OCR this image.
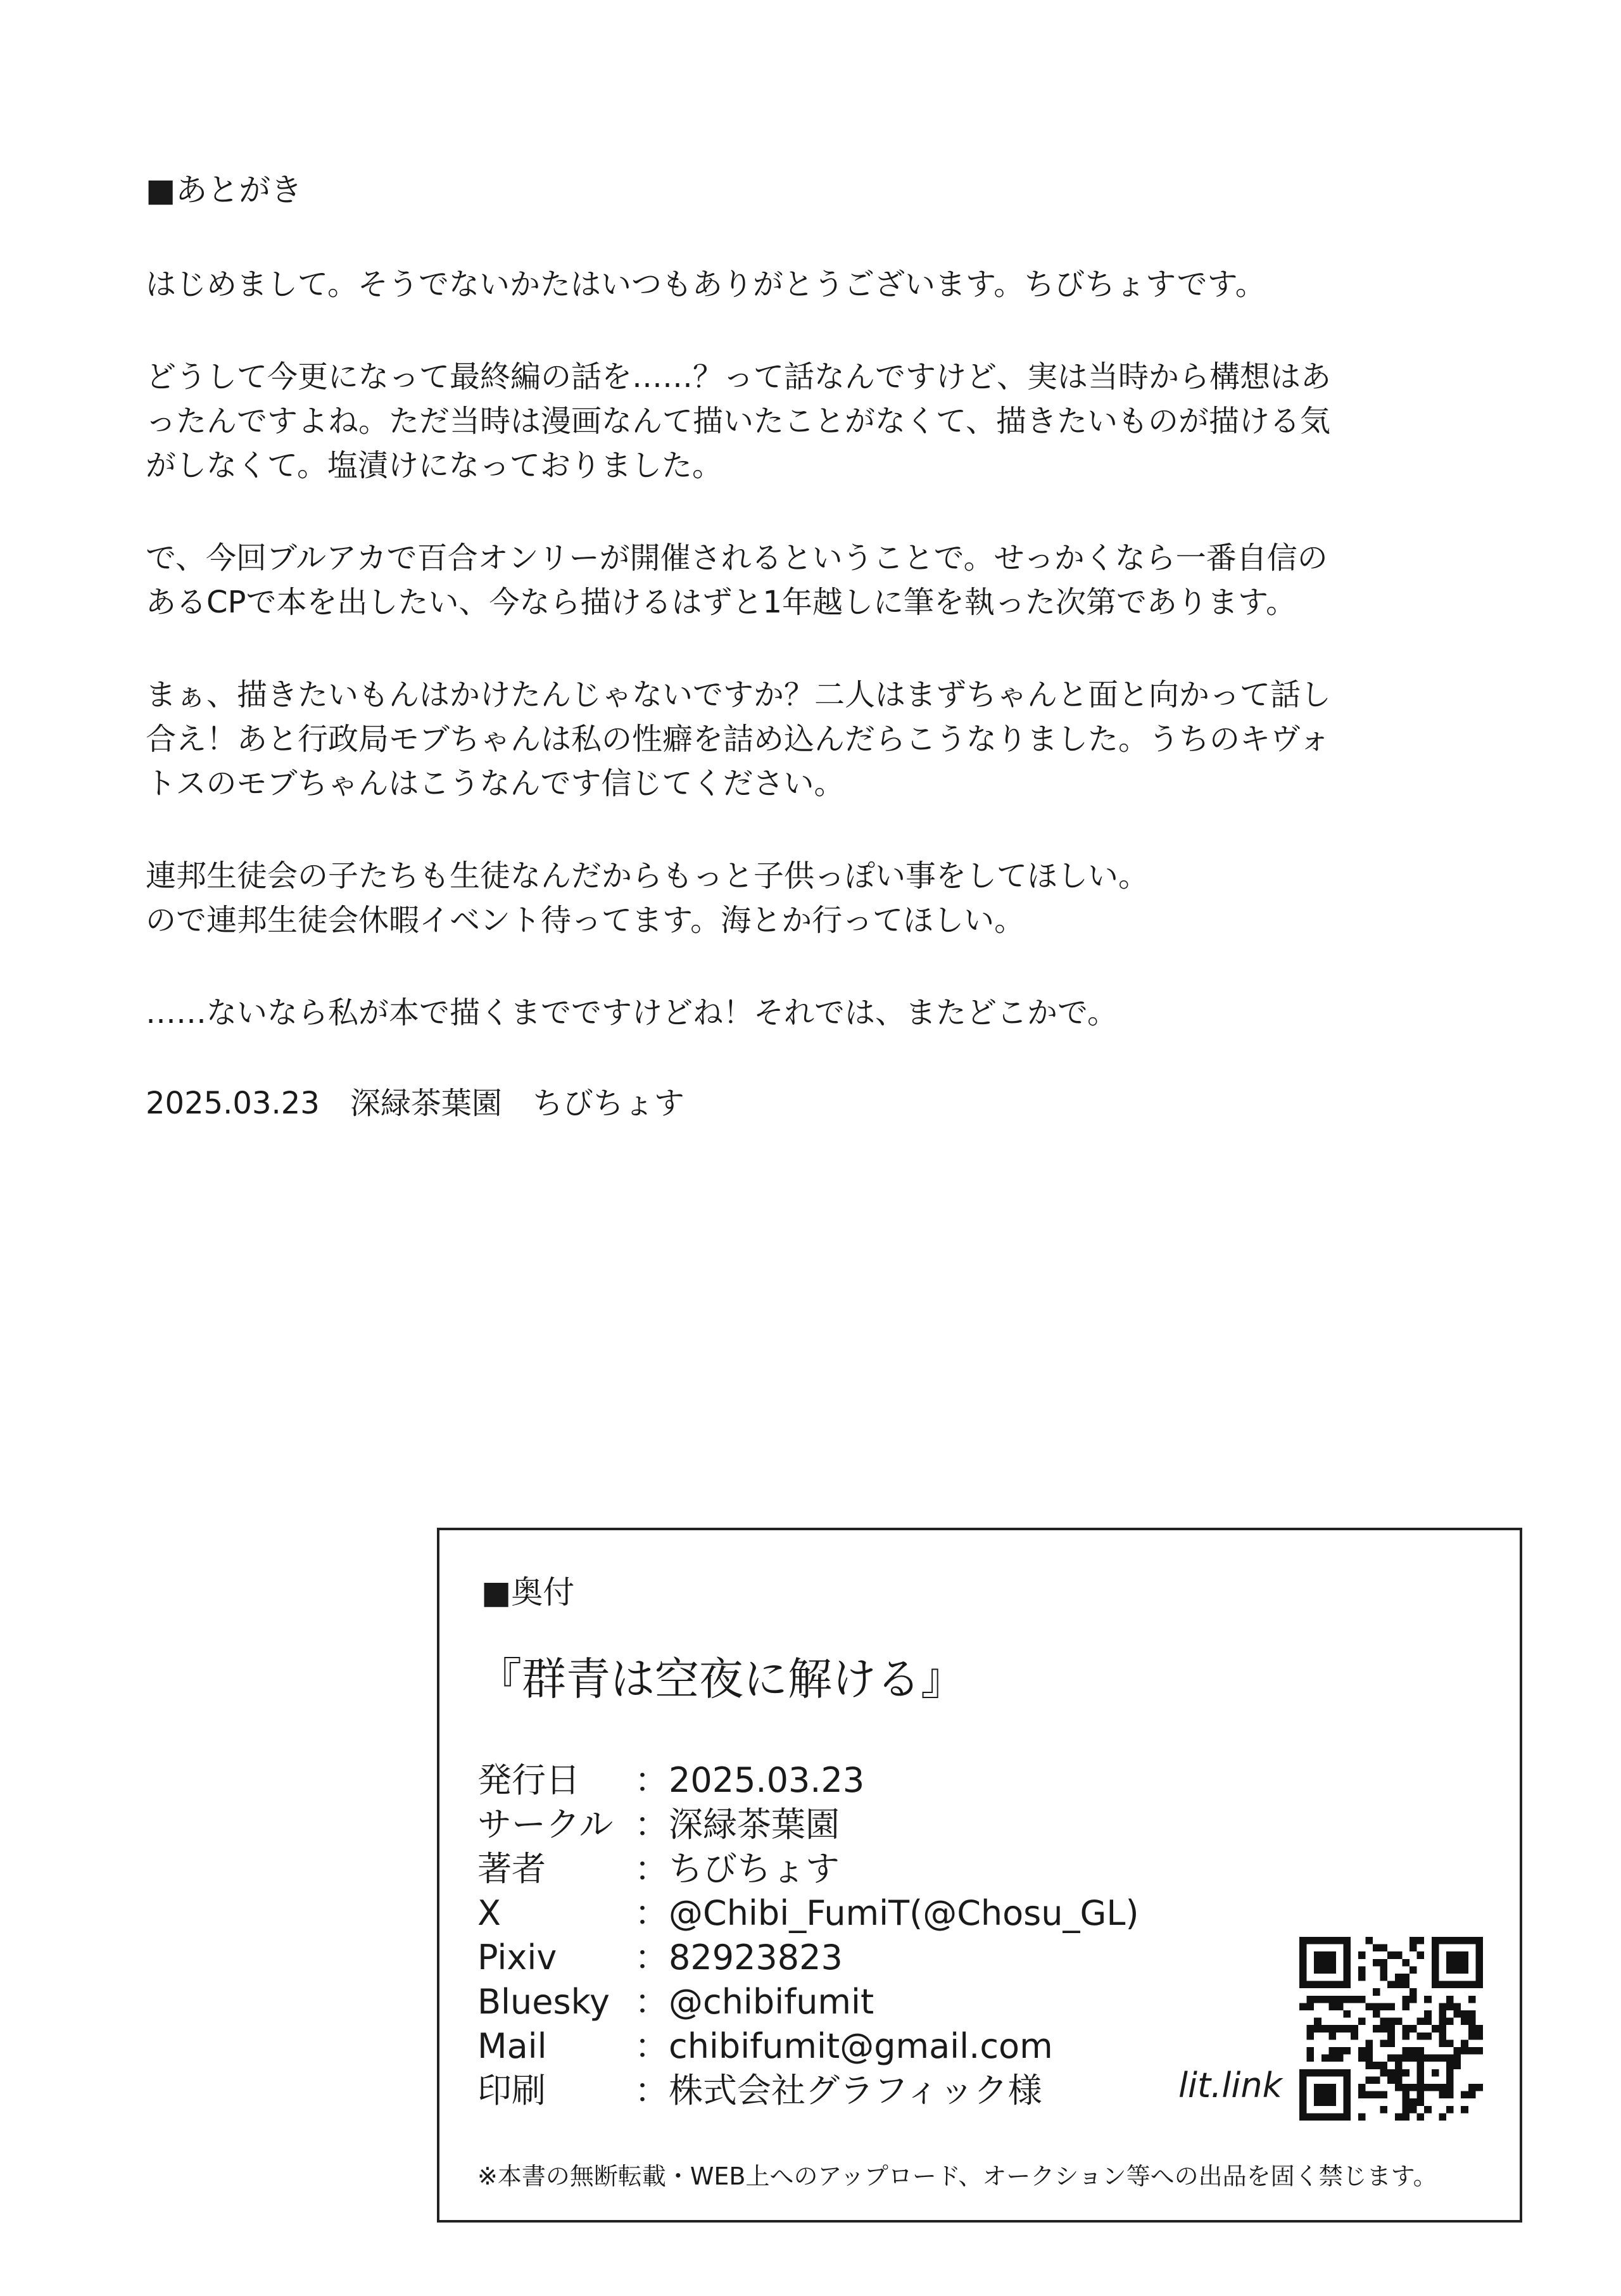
■あとがき
はじめまして。そうでないかたはいつもありがとうございます。ちびちょすです。
どうして今更になって最終編の話を……？って話なんですけど、実は当時から構想はあ
ったんですよね。ただ当時は漫画なんて描いたことがなくて、描きたいものが描ける気
がしなくて。塩漬けになっておりました。
で、今回ブルアカで百合オンリーが開催されるということで。せっかくなら一番自信の
あるCPで本を出したい、今なら描けるはずと1年越しに筆を執った次第であります。
まぁ、描きたいもんはかけたんじゃないですか？二人はまずちゃんと面と向かって話し
合え！あと行政局モブちゃんは私の性癖を詰め込んだらこうなりました。うちのキヴォ
トスのモブちゃんはこうなんです信じてください。
連邦生徒会の子たちも生徒なんだからもっと子供っぽい事をしてほしい。
ので連邦生徒会休暇イベント待ってます。海とか行ってほしい。
……ないなら私が本で描くまでですけどね！それでは、またどこかで。
2025.03.23　深緑茶葉園　ちびちょす
■奥付
『群青は空夜に解ける』
発行日 ：2025.03.23
サークル ：深緑茶葉園
著者	：ちびちょす
X	：@Chibi_FumiT(@Chosu_GL)
Pixiv ：82923823
Bluesky ：@chibifumit
Mail	：chibifumit@gmail.com
印刷	：株式会社グラフィック様	lit.link
※本書の無断転載・WEB上へのアップロード、オークション等への出品を固く禁じます。
